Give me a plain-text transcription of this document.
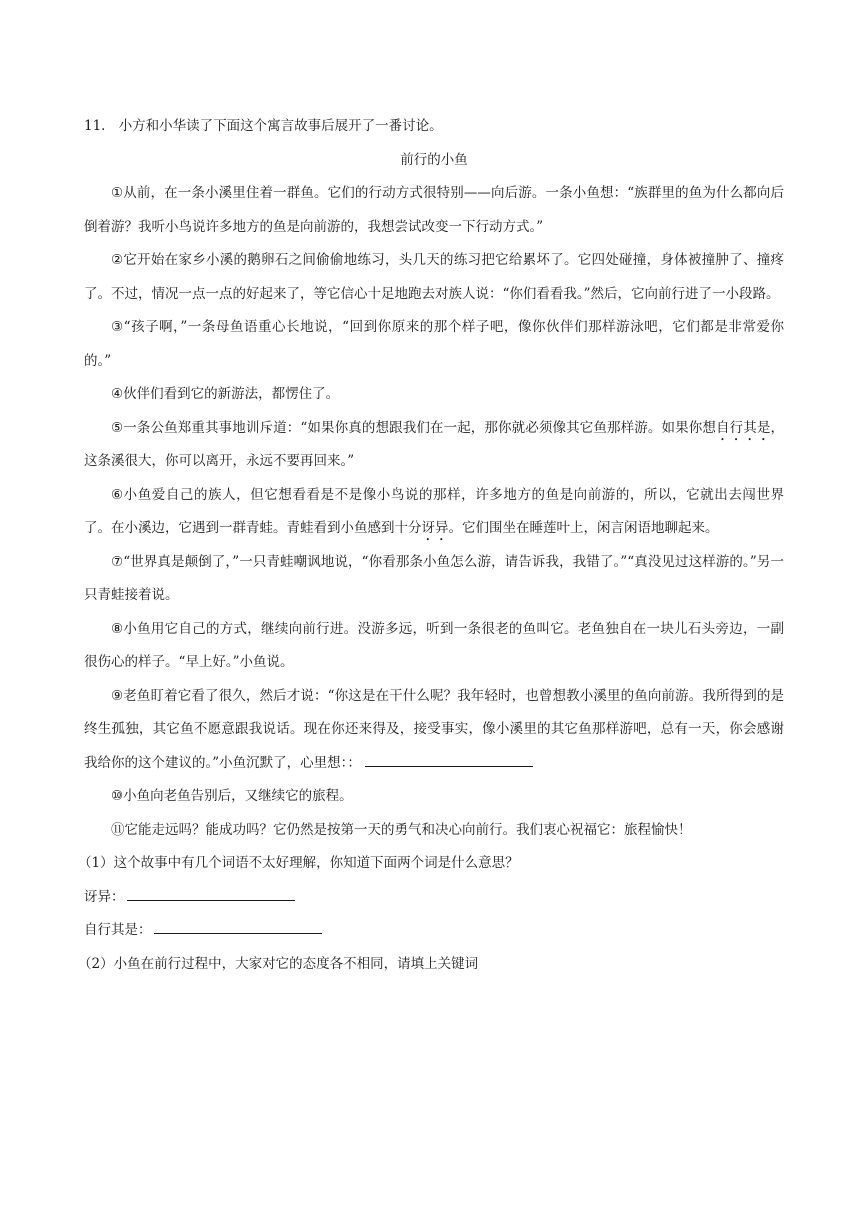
11． 小方和小华读了下面这个寓言故事后展开了一番讨论。

前行的小鱼

①从前，在一条小溪里住着一群鱼。它们的行动方式很特别——向后游。一条小鱼想：“族群里的鱼为什么都向后倒着游？我听小鸟说许多地方的鱼是向前游的，我想尝试改变一下行动方式。”

②它开始在家乡小溪的鹅卵石之间偷偷地练习，头几天的练习把它给累坏了。它四处碰撞，身体被撞肿了、撞疼了。不过，情况一点一点的好起来了，等它信心十足地跑去对族人说：“你们看看我。”然后，它向前行进了一小段路。

③“孩子啊，”一条母鱼语重心长地说，“回到你原来的那个样子吧，像你伙伴们那样游泳吧，它们都是非常爱你的。”

④伙伴们看到它的新游法，都愣住了。

⑤一条公鱼郑重其事地训斥道：“如果你真的想跟我们在一起，那你就必须像其它鱼那样游。如果你想自行其是，这条溪很大，你可以离开，永远不要再回来。”

⑥小鱼爱自己的族人，但它想看看是不是像小鸟说的那样，许多地方的鱼是向前游的，所以，它就出去闯世界了。在小溪边，它遇到一群青蛙。青蛙看到小鱼感到十分讶异。它们围坐在睡莲叶上，闲言闲语地聊起来。

⑦“世界真是颠倒了，”一只青蛙嘲讽地说，“你看那条小鱼怎么游，请告诉我，我错了。”“真没见过这样游的。”另一只青蛙接着说。

⑧小鱼用它自己的方式，继续向前行进。没游多远，听到一条很老的鱼叫它。老鱼独自在一块儿石头旁边，一副很伤心的样子。“早上好。”小鱼说。

⑨老鱼盯着它看了很久，然后才说：“你这是在干什么呢？我年轻时，也曾想教小溪里的鱼向前游。我所得到的是终生孤独，其它鱼不愿意跟我说话。现在你还来得及，接受事实，像小溪里的其它鱼那样游吧，总有一天，你会感谢我给你的这个建议的。”小鱼沉默了，心里想：：

⑩小鱼向老鱼告别后，又继续它的旅程。

⑪它能走远吗？能成功吗？它仍然是按第一天的勇气和决心向前行。我们衷心祝福它：旅程愉快！

（1）这个故事中有几个词语不太好理解，你知道下面两个词是什么意思？

讶异：

自行其是：

（2）小鱼在前行过程中，大家对它的态度各不相同，请填上关键词
